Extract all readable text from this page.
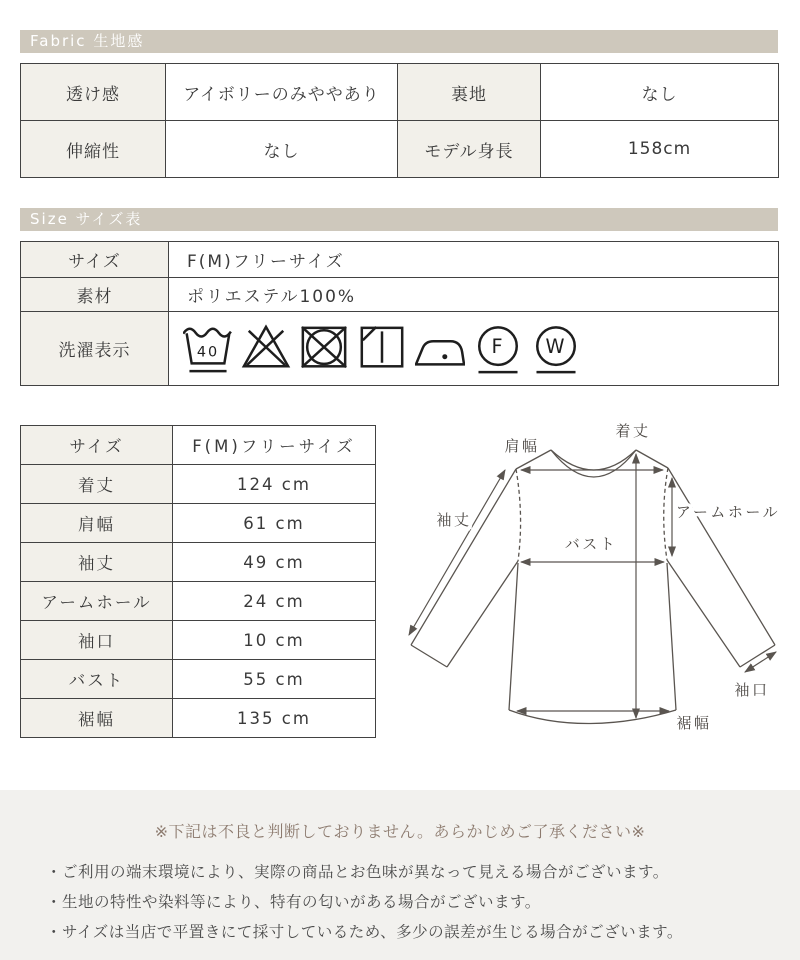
Fabric 生地感
透け感	アイボリーのみややあり	裏地	なし
伸縮性	なし	モデル身長	158cm
Size サイズ表
サイズ	F(M)フリーサイズ
素材	ポリエステル100%
洗濯表示	40 F W
サイズ	F(M)フリーサイズ
着丈	124 cm
肩幅	61 cm
袖丈	49 cm
アームホール	24 cm
袖口	10 cm
バスト	55 cm
裾幅	135 cm
着丈
肩幅
袖丈	アームホール
バスト
袖口
裾幅
※下記は不良と判断しておりません。あらかじめご了承ください※
・ご利用の端末環境により、実際の商品とお色味が異なって見える場合がございます。
・生地の特性や染料等により、特有の匂いがある場合がございます。
・サイズは当店で平置きにて採寸しているため、多少の誤差が生じる場合がございます。
